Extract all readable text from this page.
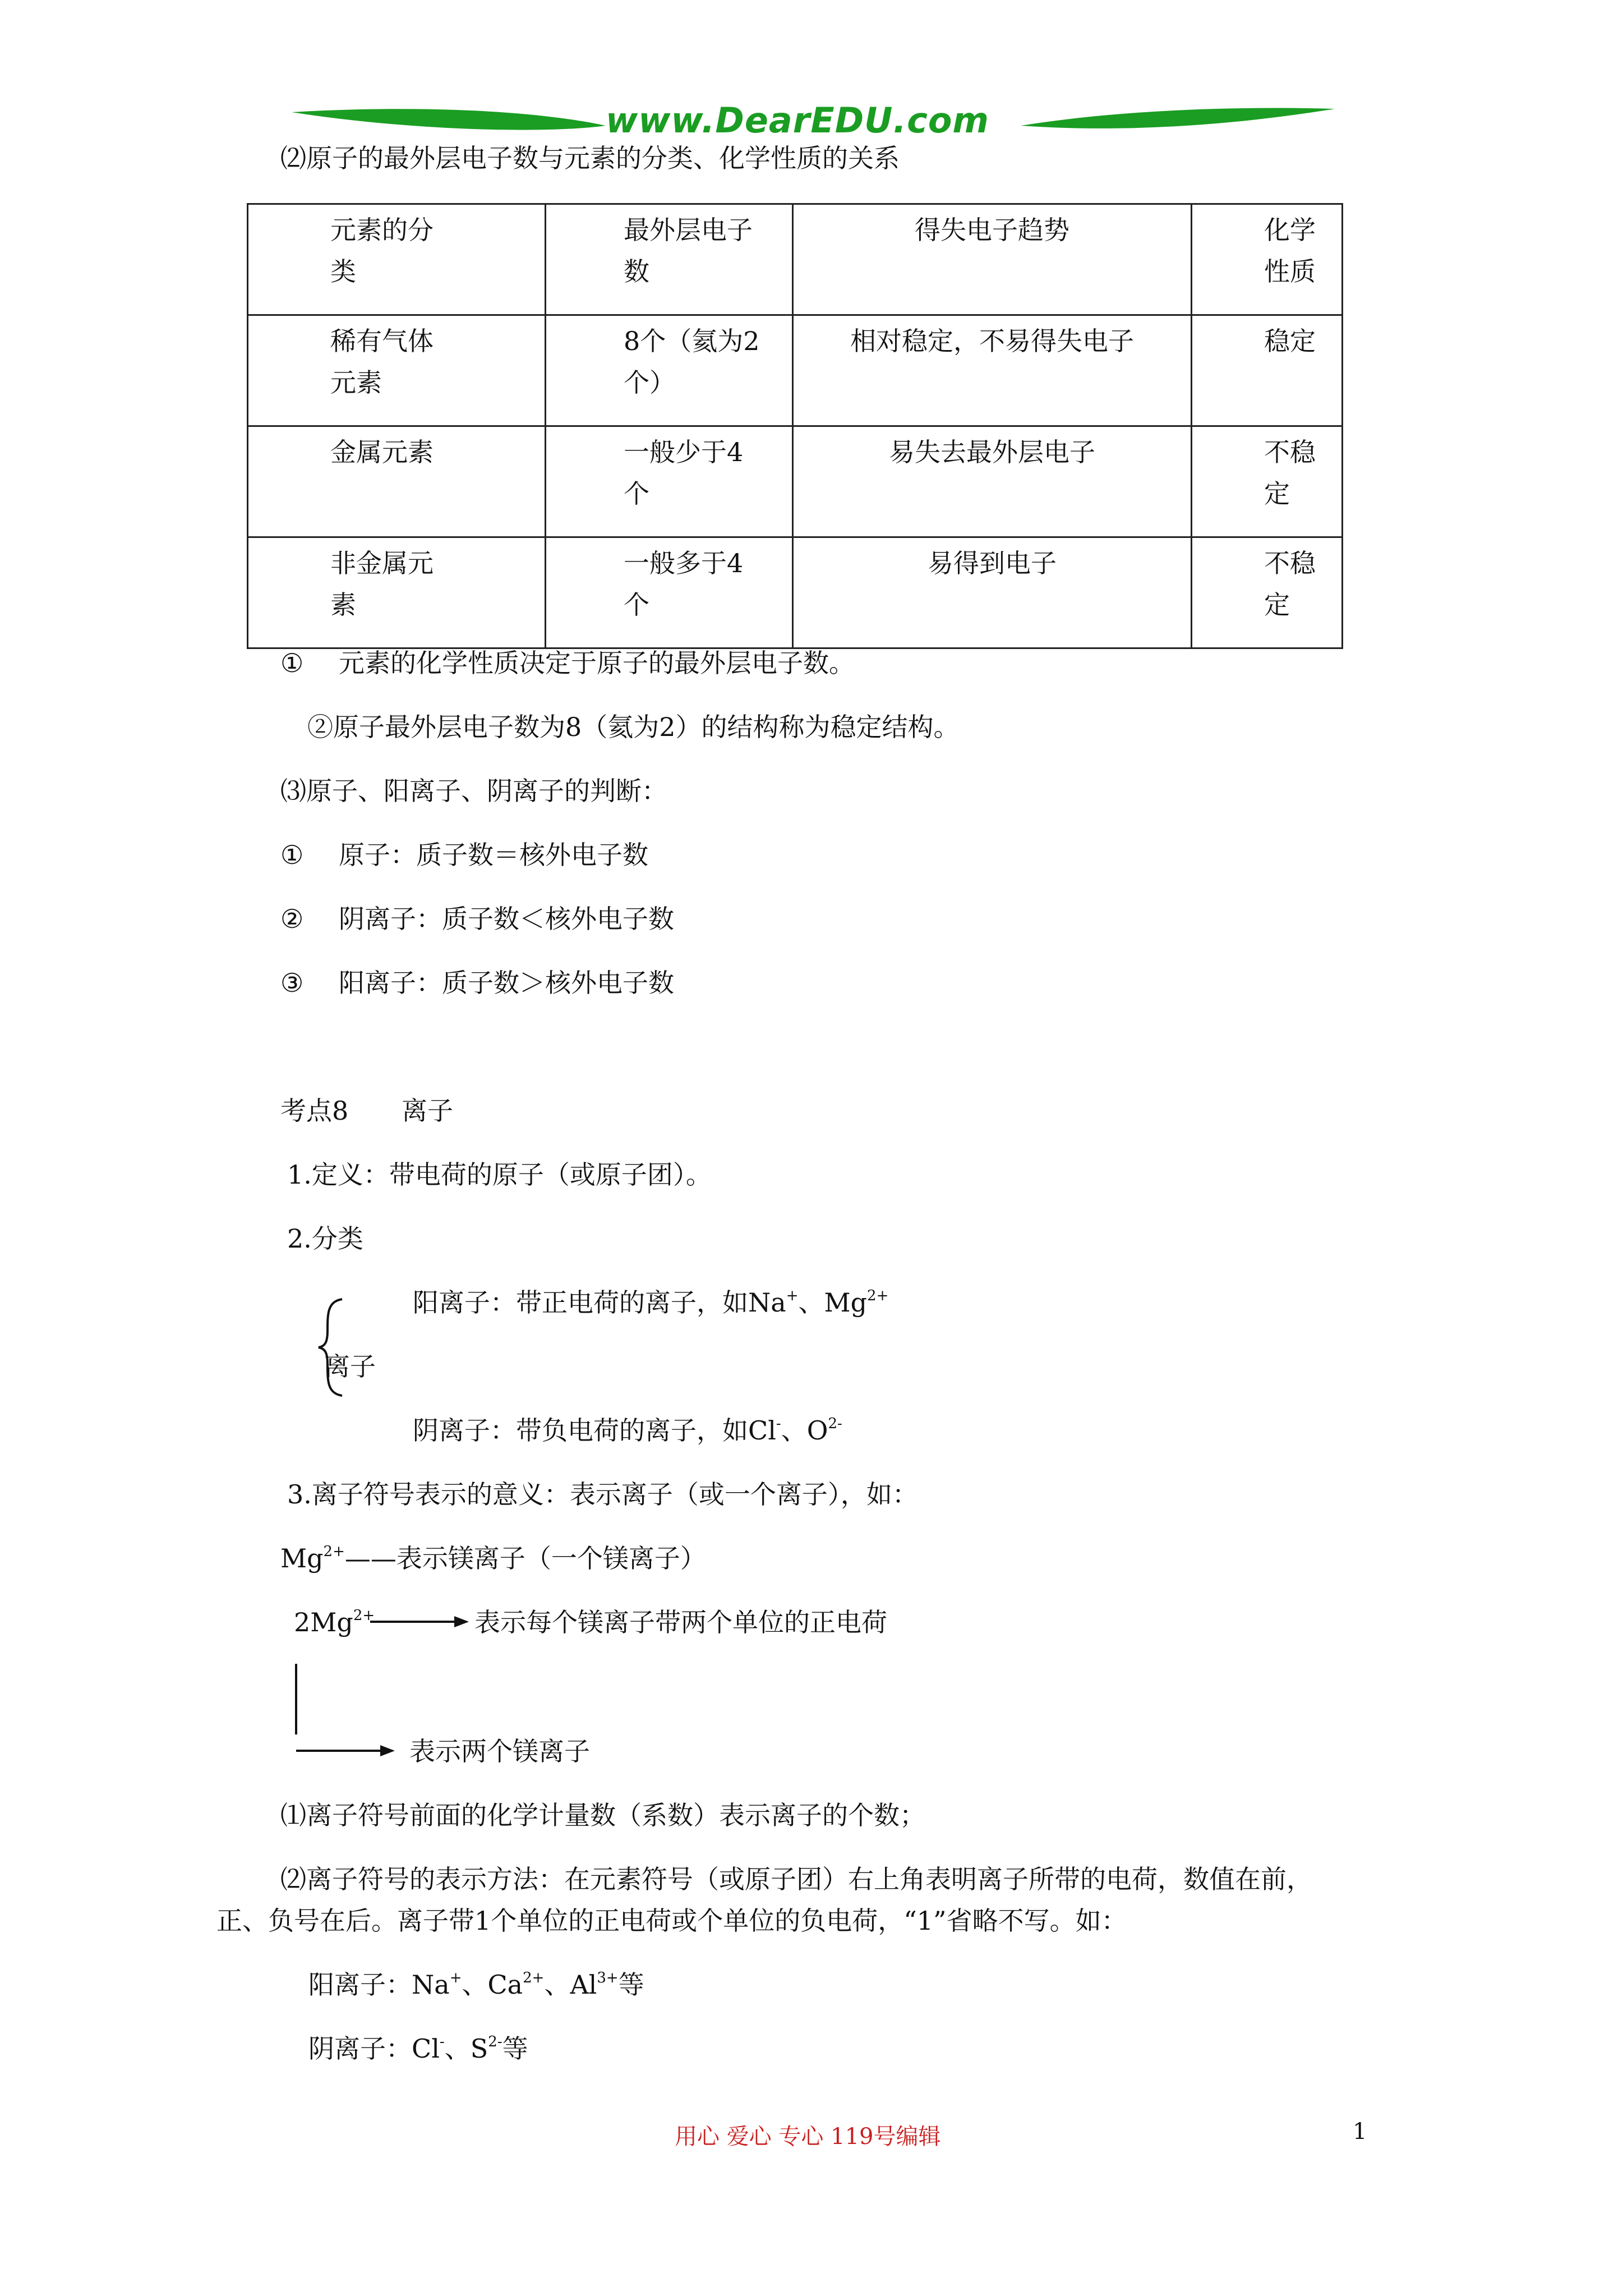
www.DearEDU.com
⑵原子的最外层电子数与元素的分类、化学性质的关系
元素的分类	最外层电子数	得失电子趋势	化学性质

稀有气体元素	8个（氦为2个）	相对稳定，不易得失电子	稳定

金属元素	一般少于4个	易失去最外层电子	不稳定

非金属元素	一般多于4个	易得到电子	不稳定
① 元素的化学性质决定于原子的最外层电子数。
②原子最外层电子数为8（氦为2）的结构称为稳定结构。
⑶原子、阳离子、阴离子的判断：
① 原子：质子数＝核外电子数
② 阴离子：质子数＜核外电子数
③ 阳离子：质子数＞核外电子数
考点8 离子
1.定义：带电荷的原子（或原子团）。
2.分类
阳离子：带正电荷的离子，如Na+、$Mg^{2+}$
离子
阴离子：带负电荷的离子，如Cl-、$O^{2-}$
3.离子符号表示的意义：表示离子（或一个离子），如：
$Mg^{2+}——$表示镁离子（一个镁离子）
$2Mg^{2+}$	表示每个镁离子带两个单位的正电荷
表示两个镁离子
⑴离子符号前面的化学计量数（系数）表示离子的个数；
⑵离子符号的表示方法：在元素符号（或原子团）右上角表明离子所带的电荷，数值在前，
正、负号在后。离子带1个单位的正电荷或个单位的负电荷，“1”省略不写。如：
阳离子：Na+、$Ca^{2+}$、$Al^{3+}$等
阴离子：Cl-、$S^{2-}$等
用心 爱心 专心 119号编辑	1
